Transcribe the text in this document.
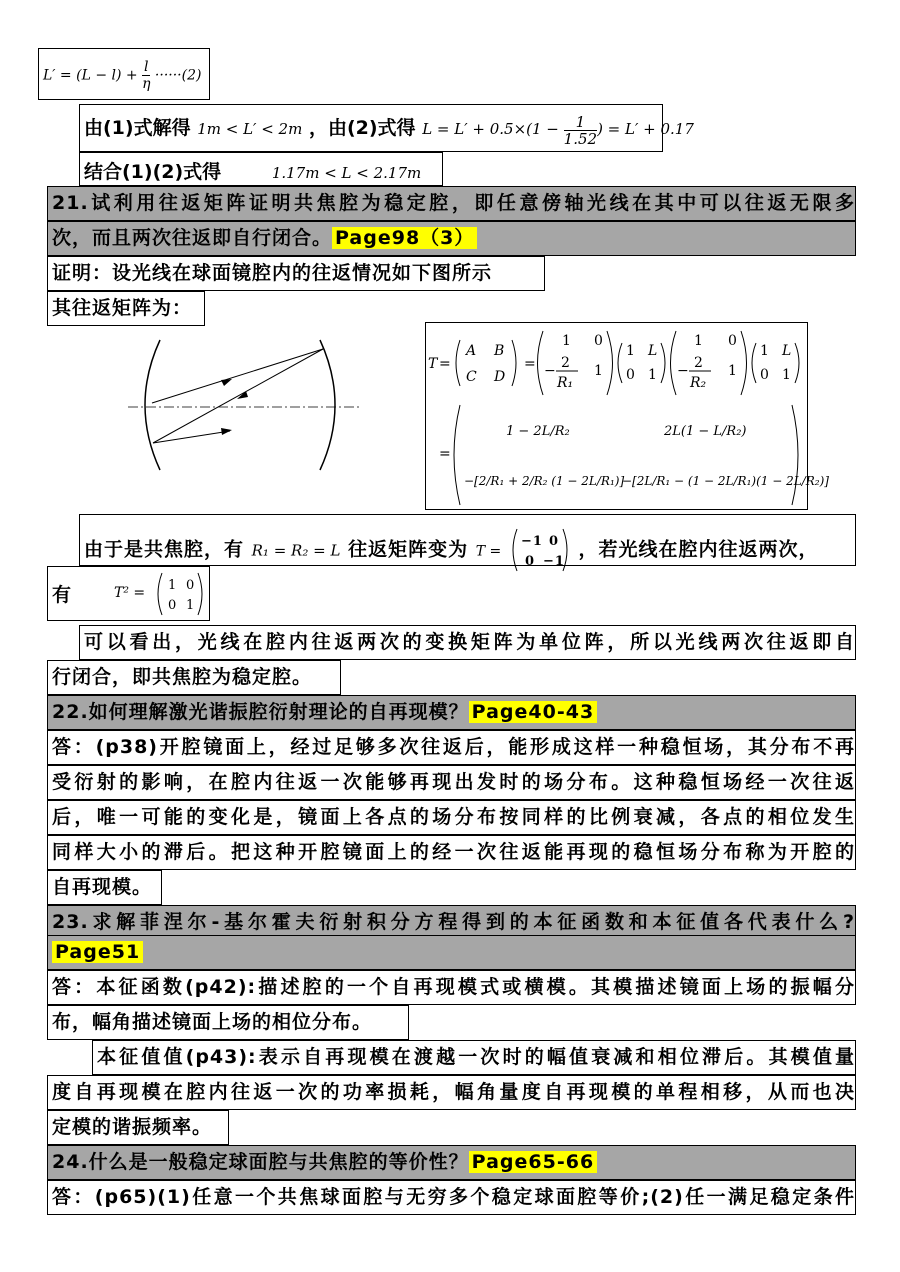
$L' = (L - l) + \frac{l}{\eta} \cdot\cdot\cdot\cdot\cdot\cdot(2)$
由(1)式解得 1m < L′ < 2m ，由(2)式得 $L = L' + 0.5\times(1 - \frac{1}{1.52}$ ) = L′ + 0.17
结合(1)(2)式得	1.17m < L < 2.17m
21.试利用往返矩阵证明共焦腔为稳定腔，即任意傍轴光线在其中可以往返无限多
次，而且两次往返即自行闭合。 Page98（3）
证明：设光线在球面镜腔内的往返情况如下图所示
其往返矩阵为：
T =
A B
C D
=
1 0
− 2
R₁
1
1 L
0 1
1 0
− 2
R₂
1
1 L
0 1
=
1 − 2L/R₂	2L(1 − L/R₂)
−[2/R₁ + 2/R₂ (1 − 2L/R₁)]
−[2L/R₁ − (1 − 2L/R₁)(1 − 2L/R₂)]
由于是共焦腔，有 R₁ = R₂ = L 往返矩阵变为 T =
−1 0
0 −1
，若光线在腔内往返两次，
有	T² = 1 0
0 1
可以看出，光线在腔内往返两次的变换矩阵为单位阵，所以光线两次往返即自
行闭合，即共焦腔为稳定腔。
22.如何理解激光谐振腔衍射理论的自再现模？ Page40-43
答：(p38)开腔镜面上，经过足够多次往返后，能形成这样一种稳恒场，其分布不再
受衍射的影响，在腔内往返一次能够再现出发时的场分布。这种稳恒场经一次往返
后，唯一可能的变化是，镜面上各点的场分布按同样的比例衰减，各点的相位发生
同样大小的滞后。把这种开腔镜面上的经一次往返能再现的稳恒场分布称为开腔的
自再现模。
23.求解菲涅尔-基尔霍夫衍射积分方程得到的本征函数和本征值各代表什么?
Page51
答：本征函数(p42):描述腔的一个自再现模式或横模。其模描述镜面上场的振幅分
布，幅角描述镜面上场的相位分布。
本征值值(p43):表示自再现模在渡越一次时的幅值衰减和相位滞后。其模值量
度自再现模在腔内往返一次的功率损耗，幅角量度自再现模的单程相移，从而也决
定模的谐振频率。
24.什么是一般稳定球面腔与共焦腔的等价性？ Page65-66
答：(p65)(1)任意一个共焦球面腔与无穷多个稳定球面腔等价;(2)任一满足稳定条件
